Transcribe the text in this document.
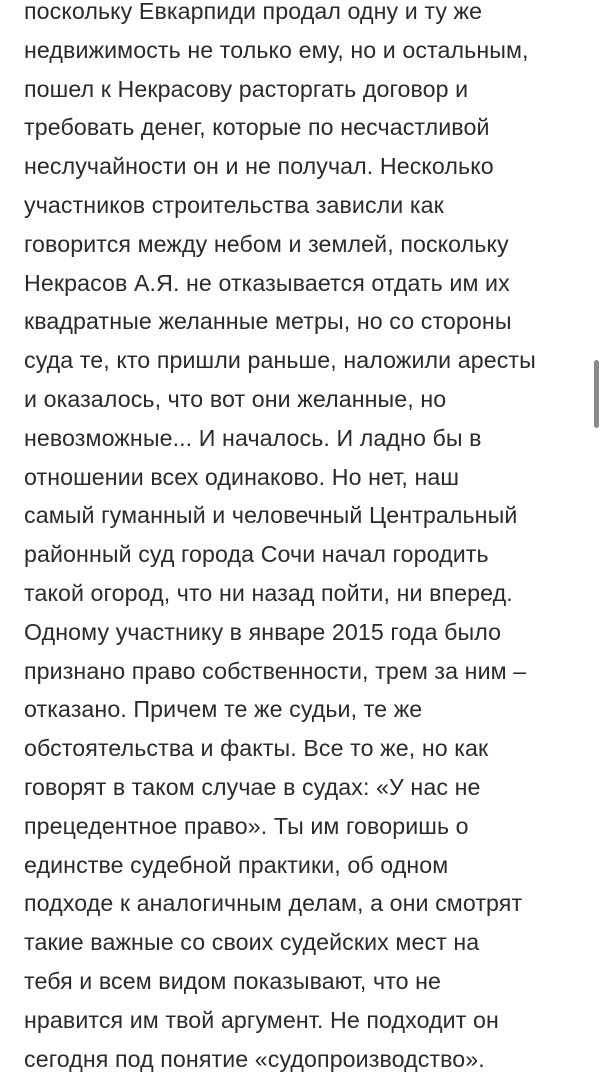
поскольку Евкарпиди продал одну и ту же
недвижимость не только ему, но и остальным,
пошел к Некрасову расторгать договор и
требовать денег, которые по несчастливой
неслучайности он и не получал. Несколько
участников строительства зависли как
говорится между небом и землей, поскольку
Некрасов А.Я. не отказывается отдать им их
квадратные желанные метры, но со стороны
суда те, кто пришли раньше, наложили аресты
и оказалось, что вот они желанные, но
невозможные... И началось. И ладно бы в
отношении всех одинаково. Но нет, наш
самый гуманный и человечный Центральный
районный суд города Сочи начал городить
такой огород, что ни назад пойти, ни вперед.
Одному участнику в январе 2015 года было
признано право собственности, трем за ним –
отказано. Причем те же судьи, те же
обстоятельства и факты. Все то же, но как
говорят в таком случае в судах: «У нас не
прецедентное право». Ты им говоришь о
единстве судебной практики, об одном
подходе к аналогичным делам, а они смотрят
такие важные со своих судейских мест на
тебя и всем видом показывают, что не
нравится им твой аргумент. Не подходит он
сегодня под понятие «судопроизводство».
